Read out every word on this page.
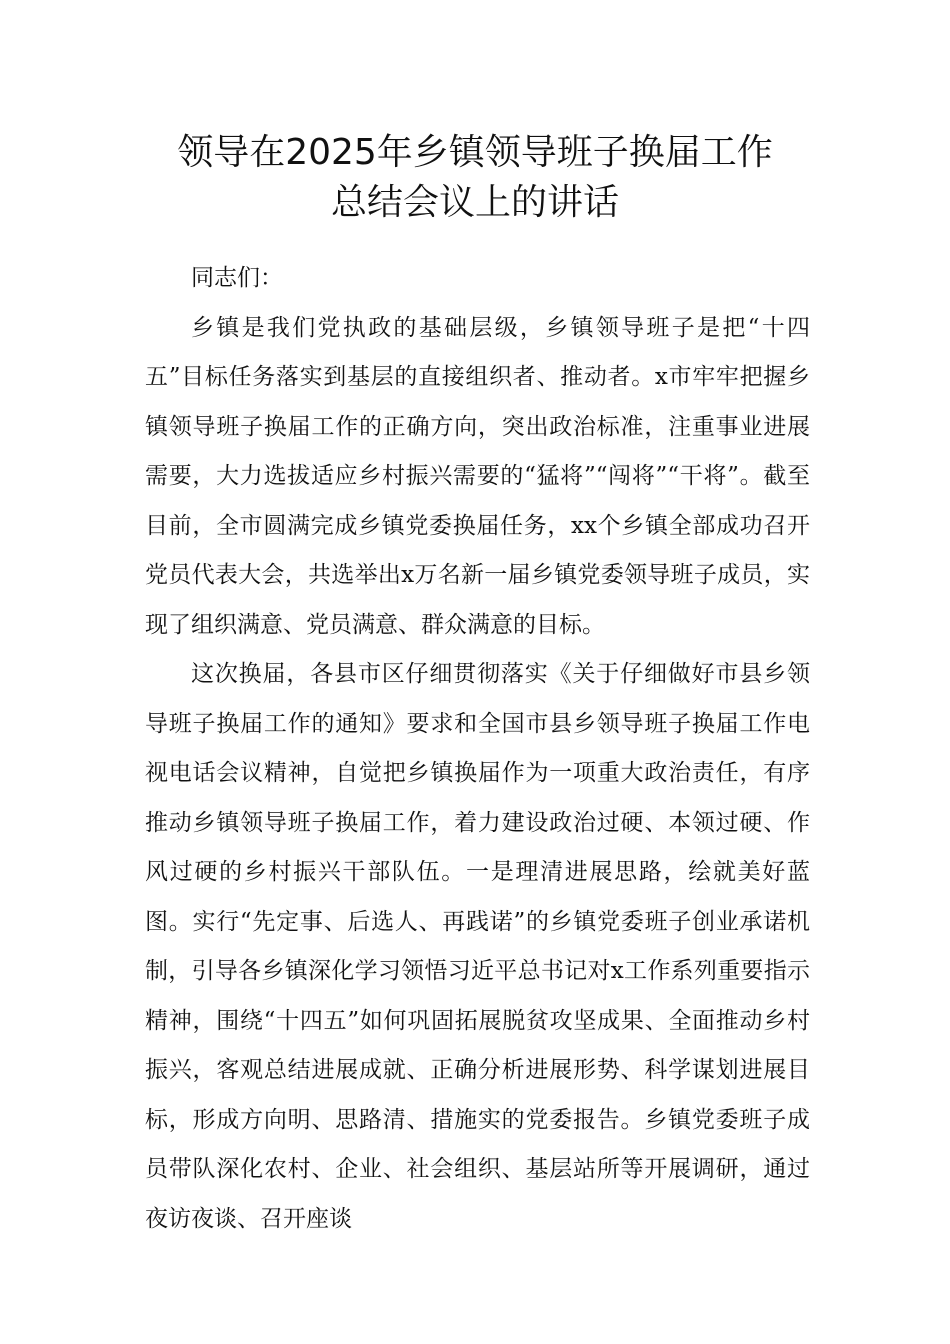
领导在2025年乡镇领导班子换届工作
总结会议上的讲话

同志们：

乡镇是我们党执政的基础层级，乡镇领导班子是把“十四五”目标任务落实到基层的直接组织者、推动者。x市牢牢把握乡镇领导班子换届工作的正确方向，突出政治标准，注重事业进展需要，大力选拔适应乡村振兴需要的“猛将”“闯将”“干将”。截至目前，全市圆满完成乡镇党委换届任务，xx个乡镇全部成功召开党员代表大会，共选举出x万名新一届乡镇党委领导班子成员，实现了组织满意、党员满意、群众满意的目标。

这次换届，各县市区仔细贯彻落实《关于仔细做好市县乡领导班子换届工作的通知》要求和全国市县乡领导班子换届工作电视电话会议精神，自觉把乡镇换届作为一项重大政治责任，有序推动乡镇领导班子换届工作，着力建设政治过硬、本领过硬、作风过硬的乡村振兴干部队伍。一是理清进展思路，绘就美好蓝图。实行“先定事、后选人、再践诺”的乡镇党委班子创业承诺机制，引导各乡镇深化学习领悟习近平总书记对x工作系列重要指示精神，围绕“十四五”如何巩固拓展脱贫攻坚成果、全面推动乡村振兴，客观总结进展成就、正确分析进展形势、科学谋划进展目标，形成方向明、思路清、措施实的党委报告。乡镇党委班子成员带队深化农村、企业、社会组织、基层站所等开展调研，通过夜访夜谈、召开座谈
